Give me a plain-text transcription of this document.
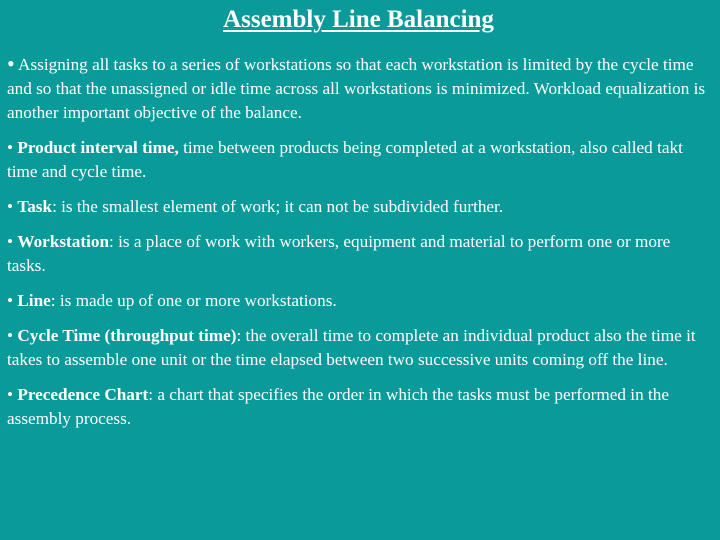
Assembly Line Balancing
• Assigning all tasks to a series of workstations so that each workstation is limited by the cycle time and so that the unassigned or idle time across all workstations is minimized. Workload equalization is another important objective of the balance.
• Product interval time, time between products being completed at a workstation, also called takt time and cycle time.
• Task: is the smallest element of work; it can not be subdivided further.
• Workstation: is a place of work with workers, equipment and material to perform one or more tasks.
• Line: is made up of one or more workstations.
• Cycle Time (throughput time): the overall time to complete an individual product also the time it takes to assemble one unit or the time elapsed between two successive units coming off the line.
• Precedence Chart: a chart that specifies the order in which the tasks must be performed in the assembly process.
